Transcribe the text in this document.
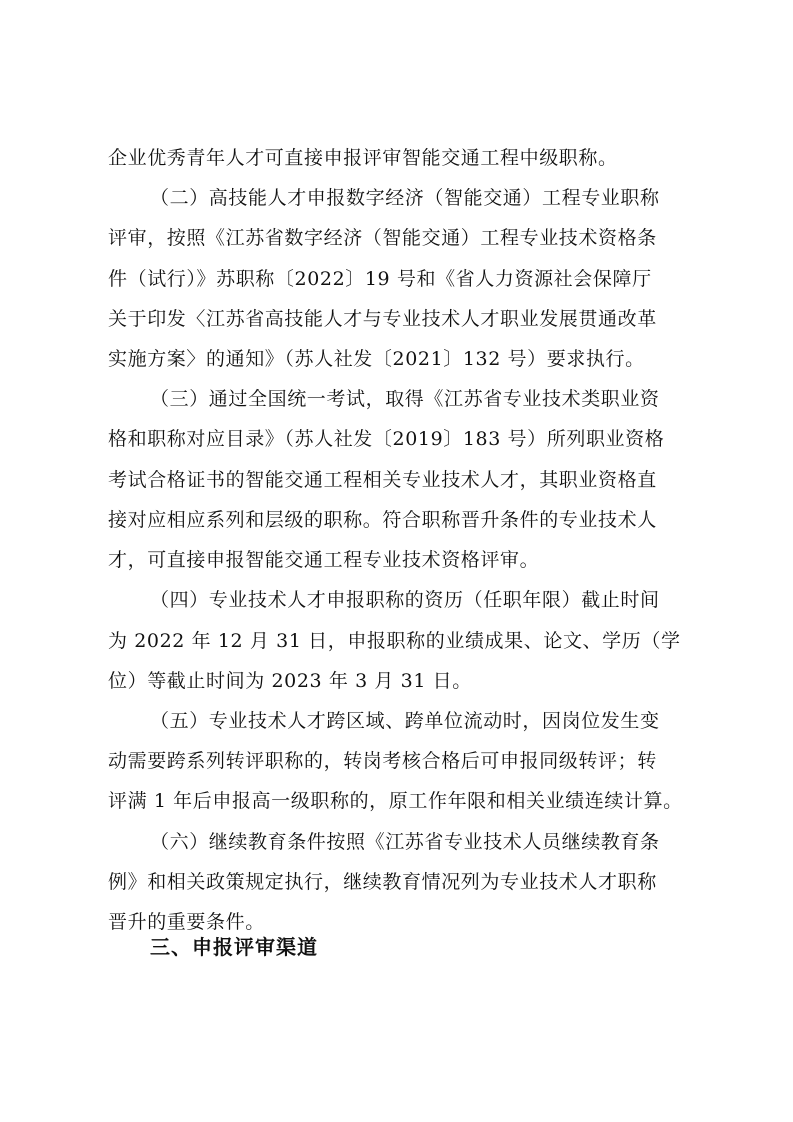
企业优秀青年人才可直接申报评审智能交通工程中级职称。
（二）高技能人才申报数字经济（智能交通）工程专业职称
评审，按照《江苏省数字经济（智能交通）工程专业技术资格条
件（试行）》苏职称〔2022〕19 号和《省人力资源社会保障厅
关于印发〈江苏省高技能人才与专业技术人才职业发展贯通改革
实施方案〉的通知》（苏人社发〔2021〕132 号）要求执行。
（三）通过全国统一考试，取得《江苏省专业技术类职业资
格和职称对应目录》（苏人社发〔2019〕183 号）所列职业资格
考试合格证书的智能交通工程相关专业技术人才，其职业资格直
接对应相应系列和层级的职称。符合职称晋升条件的专业技术人
才，可直接申报智能交通工程专业技术资格评审。
（四）专业技术人才申报职称的资历（任职年限）截止时间
为 2022 年 12 月 31 日，申报职称的业绩成果、论文、学历（学
位）等截止时间为 2023 年 3 月 31 日。
（五）专业技术人才跨区域、跨单位流动时，因岗位发生变
动需要跨系列转评职称的，转岗考核合格后可申报同级转评；转
评满 1 年后申报高一级职称的，原工作年限和相关业绩连续计算。
（六）继续教育条件按照《江苏省专业技术人员继续教育条
例》和相关政策规定执行，继续教育情况列为专业技术人才职称
晋升的重要条件。
三、申报评审渠道
